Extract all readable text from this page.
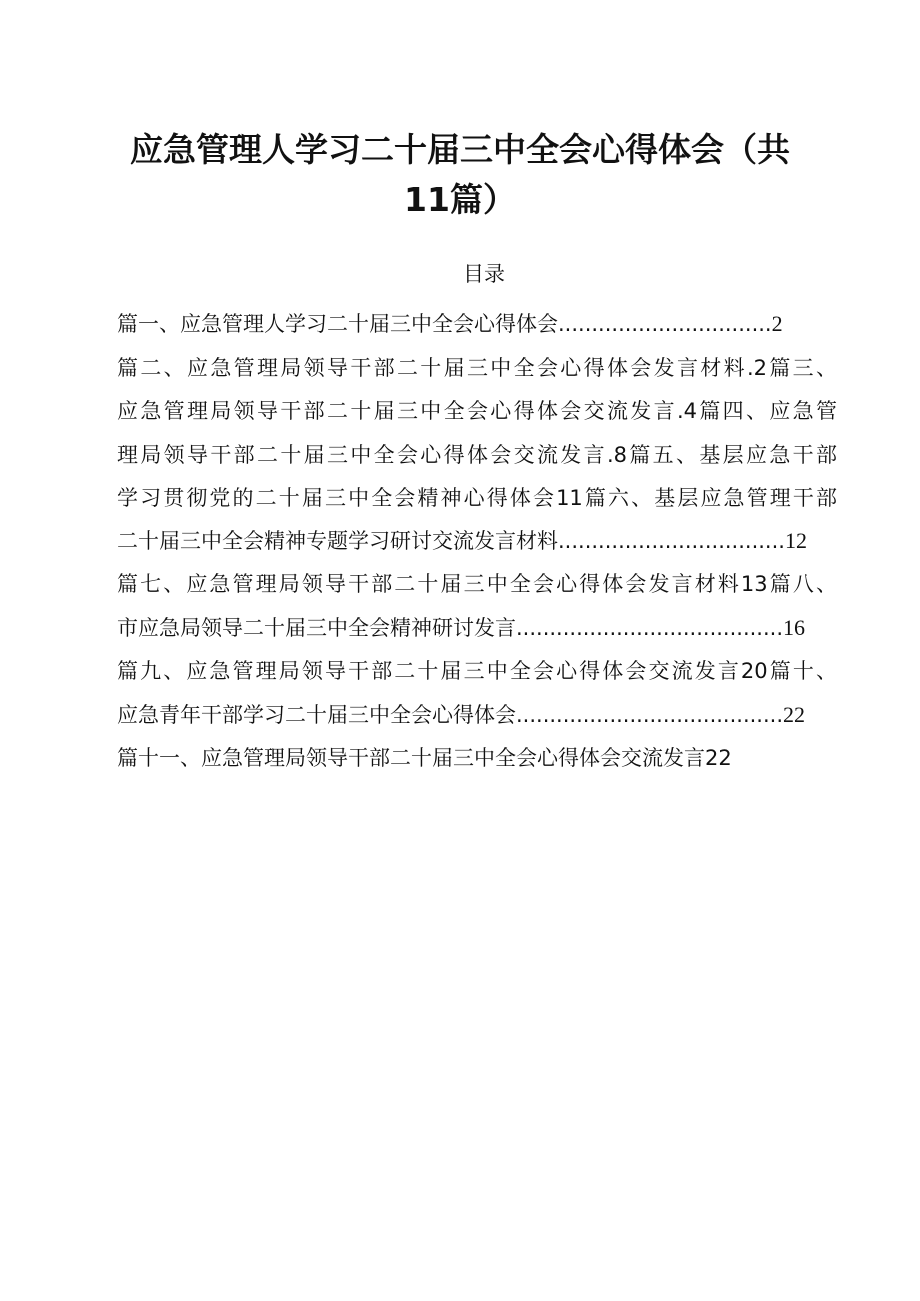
应急管理人学习二十届三中全会心得体会（共
11篇）
目录
篇一、应急管理人学习二十届三中全会心得体会................................2
篇二、应急管理局领导干部二十届三中全会心得体会发言材料.2篇三、
应急管理局领导干部二十届三中全会心得体会交流发言.4篇四、应急管
理局领导干部二十届三中全会心得体会交流发言.8篇五、基层应急干部
学习贯彻党的二十届三中全会精神心得体会11篇六、基层应急管理干部
二十届三中全会精神专题学习研讨交流发言材料..................................12
篇七、应急管理局领导干部二十届三中全会心得体会发言材料13篇八、
市应急局领导二十届三中全会精神研讨发言........................................16
篇九、应急管理局领导干部二十届三中全会心得体会交流发言20篇十、
应急青年干部学习二十届三中全会心得体会........................................22
篇十一、应急管理局领导干部二十届三中全会心得体会交流发言22
